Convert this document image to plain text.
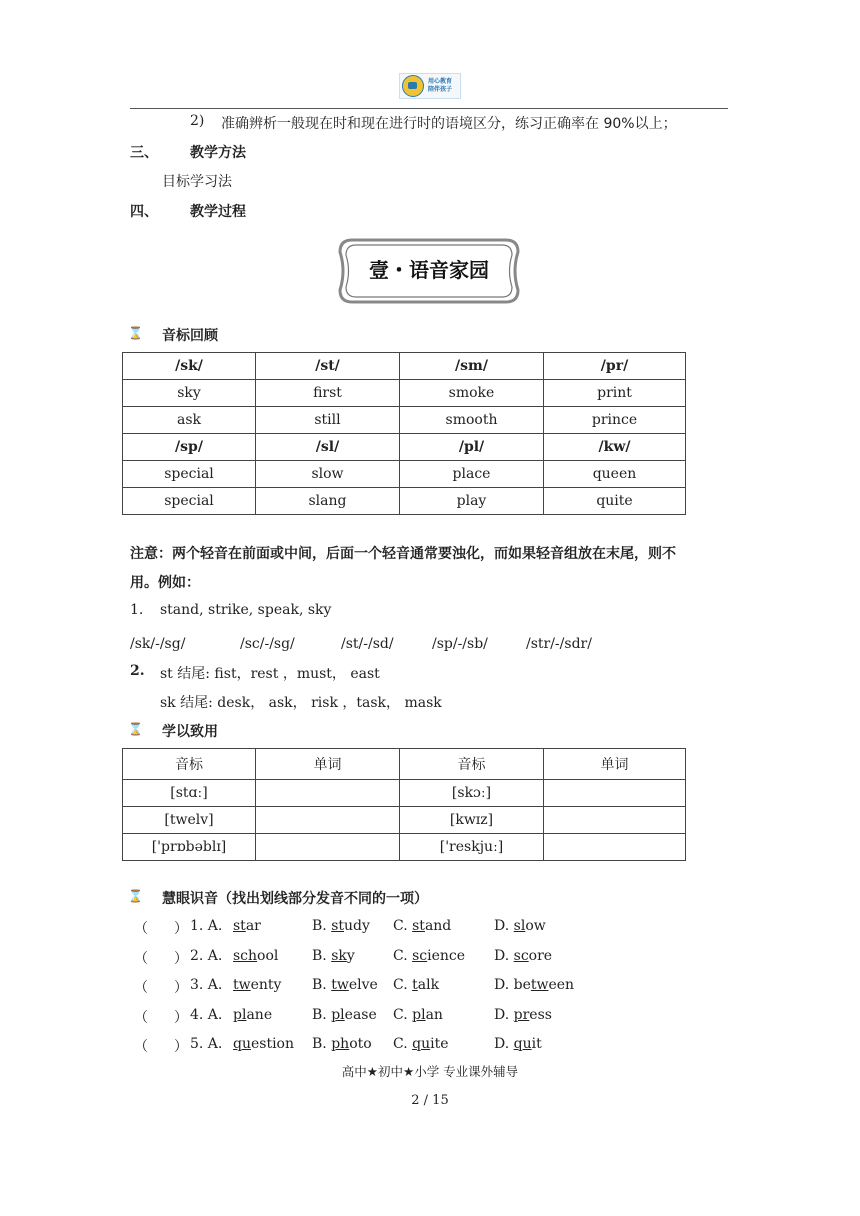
用心教育
陪伴孩子
2) 准确辨析一般现在时和现在进行时的语境区分，练习正确率在 90%以上；
三、 教学方法
目标学习法
四、 教学过程
壹・语音家园
⌛ 音标回顾
/sk/	/st/	/sm/	/pr/
sky	first	smoke	print
ask	still	smooth	prince
/sp/	/sl/	/pl/	/kw/
special	slow	place	queen
special	slang	play	quite
注意：两个轻音在前面或中间，后面一个轻音通常要浊化，而如果轻音组放在末尾，则不
用。例如：
1. stand, strike, speak, sky
/sk/-/sg/	/sc/-/sg/	/st/-/sd/	/sp/-/sb/	/str/-/sdr/
2. st 结尾: fist，rest ，must， east
sk 结尾: desk， ask， risk ，task， mask
⌛ 学以致用
音标	单词	音标	单词
[stɑː]		[skɔː]	
[twelv]		[kwɪz]	
['prɒbəblɪ]		['reskjuː]	
⌛ 慧眼识音（找出划线部分发音不同的一项）
（ ） 1. A. star	B. study C. stand	D. slow
（ ） 2. A. school B. sky	C. science D. score
（ ） 3. A. twenty B. twelve C. talk	D. between
（ ） 4. A. plane	B. please C. plan	D. press
（ ） 5. A. question B. photo C. quite	D. quit
高中★初中★小学 专业课外辅导
2 / 15
